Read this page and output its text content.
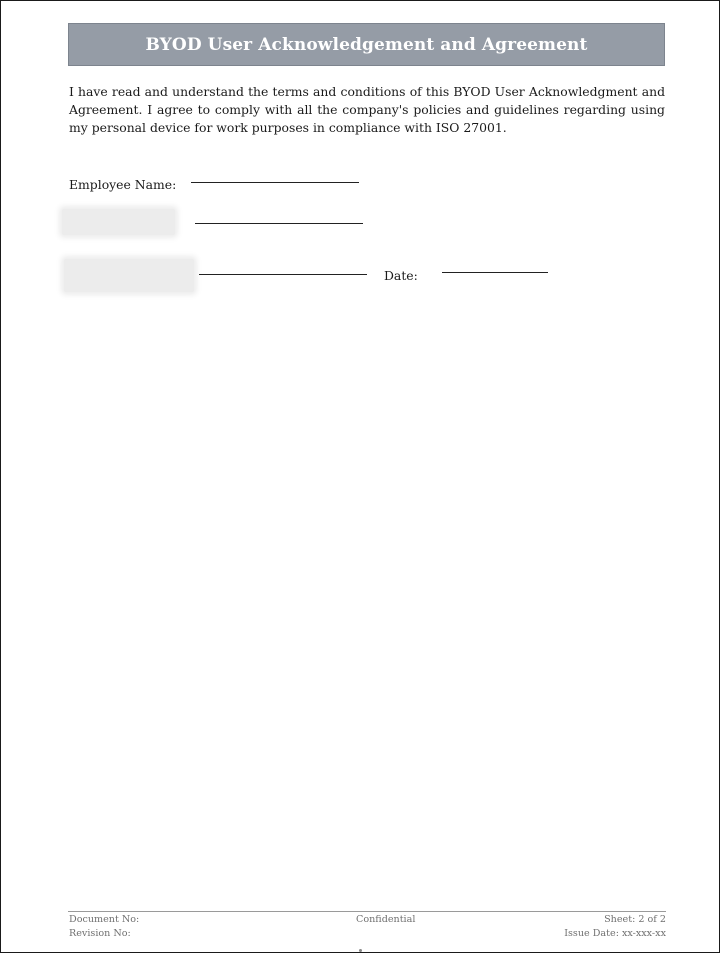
BYOD User Acknowledgement and Agreement

I have read and understand the terms and conditions of this BYOD User Acknowledgment and Agreement. I agree to comply with all the company's policies and guidelines regarding using my personal device for work purposes in compliance with ISO 27001.

Employee Name:
Date:
Document No:
Revision No:
Confidential	Sheet: 2 of 2
Issue Date: xx-xxx-xx
